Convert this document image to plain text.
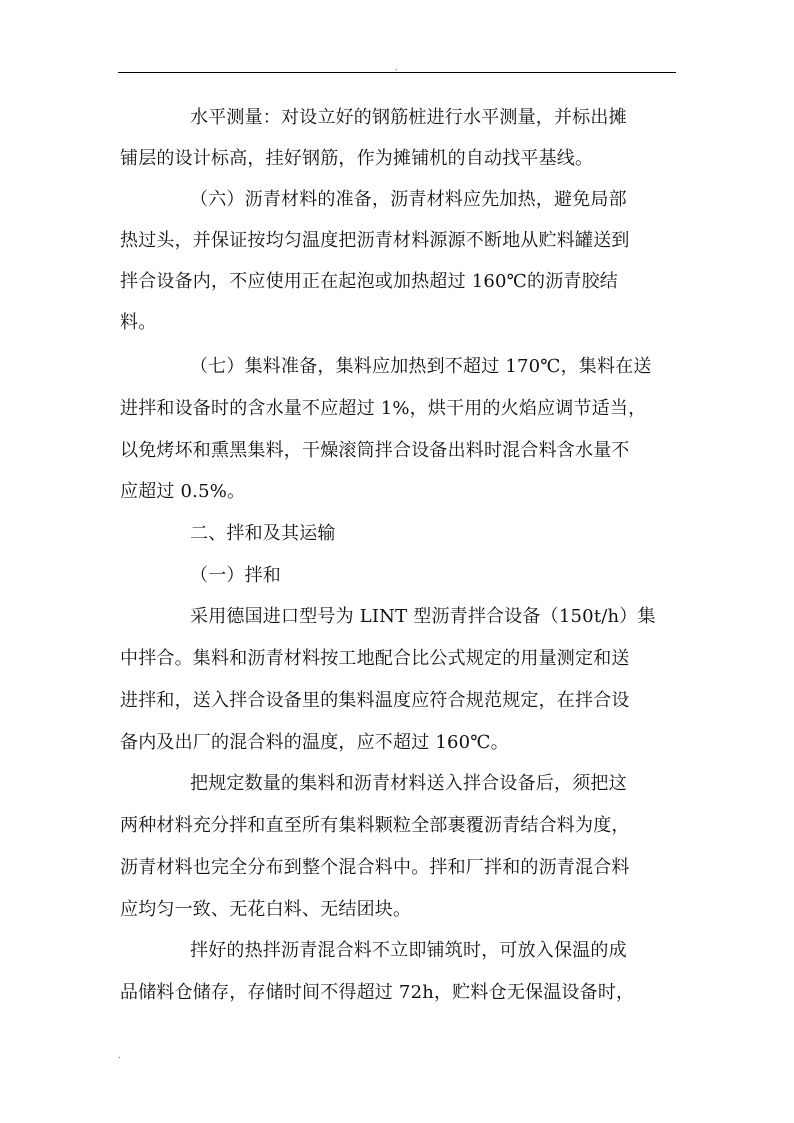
.
水平测量：对设立好的钢筋桩进行水平测量，并标出摊
铺层的设计标高，挂好钢筋，作为摊铺机的自动找平基线。
（六）沥青材料的准备，沥青材料应先加热，避免局部
热过头，并保证按均匀温度把沥青材料源源不断地从贮料罐送到
拌合设备内，不应使用正在起泡或加热超过 160℃的沥青胶结
料。
（七）集料准备，集料应加热到不超过 170℃，集料在送
进拌和设备时的含水量不应超过 1%，烘干用的火焰应调节适当，
以免烤坏和熏黑集料，干燥滚筒拌合设备出料时混合料含水量不
应超过 0.5%。
二、拌和及其运输
（一）拌和
采用德国进口型号为 LINT 型沥青拌合设备（150t/h）集
中拌合。集料和沥青材料按工地配合比公式规定的用量测定和送
进拌和，送入拌合设备里的集料温度应符合规范规定，在拌合设
备内及出厂的混合料的温度，应不超过 160℃。
把规定数量的集料和沥青材料送入拌合设备后，须把这
两种材料充分拌和直至所有集料颗粒全部裹覆沥青结合料为度，
沥青材料也完全分布到整个混合料中。拌和厂拌和的沥青混合料
应均匀一致、无花白料、无结团块。
拌好的热拌沥青混合料不立即铺筑时，可放入保温的成
品储料仓储存，存储时间不得超过 72h，贮料仓无保温设备时，
.
